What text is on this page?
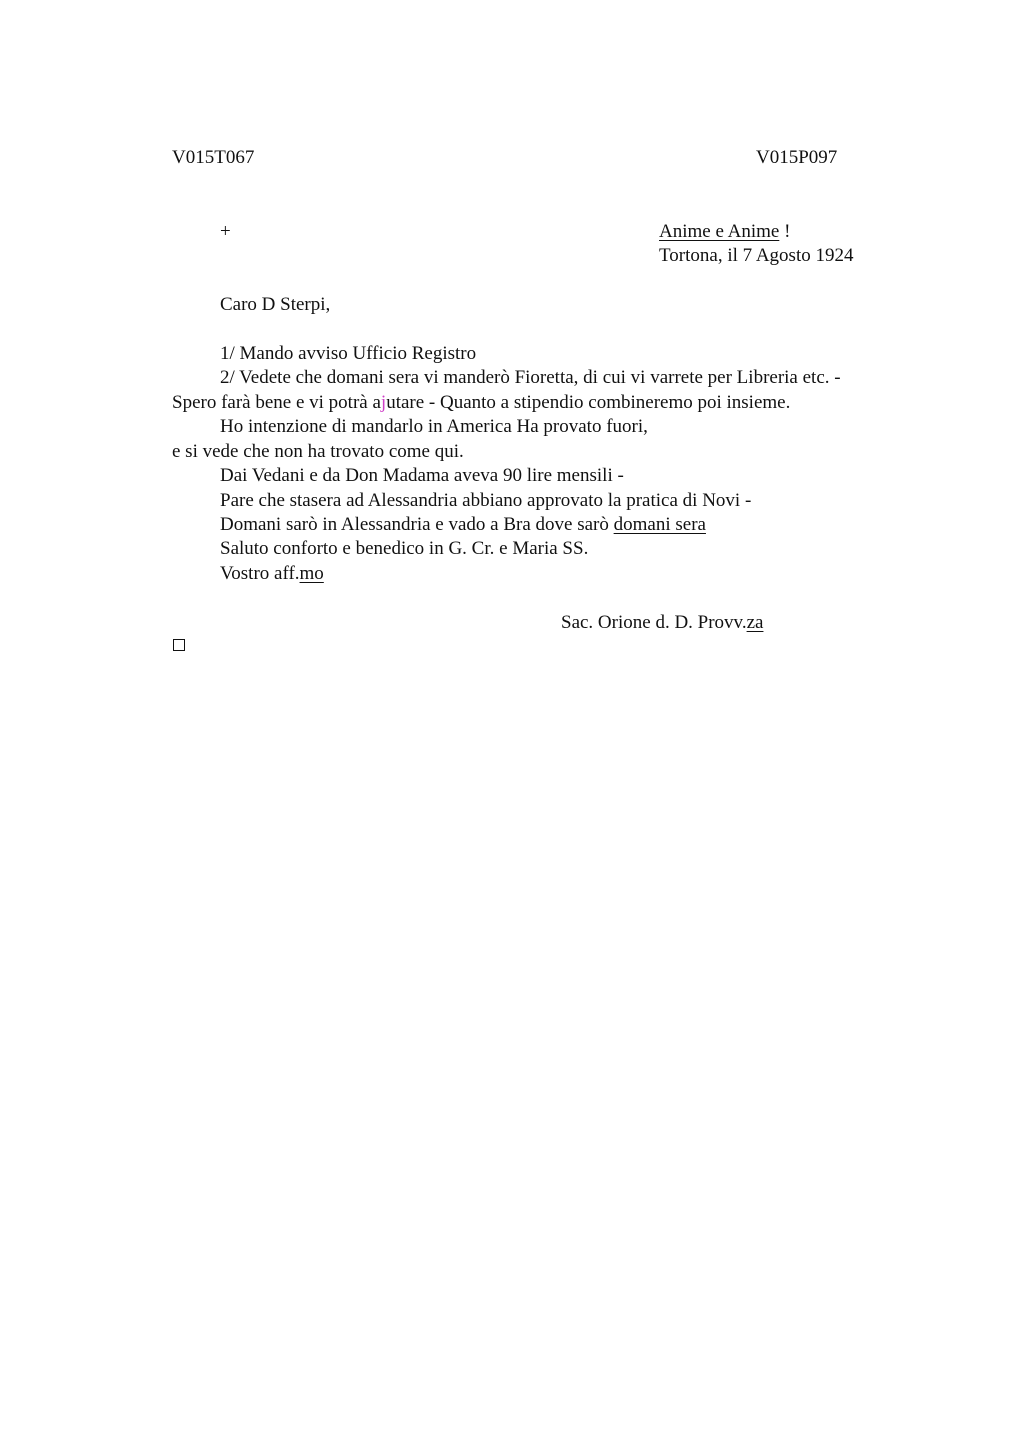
V015T067	V015P097
+	Anime e Anime !
Tortona, il 7 Agosto 1924
Caro D Sterpi,
1/ Mando avviso Ufficio Registro
2/ Vedete che domani sera vi manderò Fioretta, di cui vi varrete per Libreria etc. -
Spero farà bene e vi potrà ajutare - Quanto a stipendio combineremo poi insieme.
Ho intenzione di mandarlo in America Ha provato fuori,
e si vede che non ha trovato come qui.
Dai Vedani e da Don Madama aveva 90 lire mensili -
Pare che stasera ad Alessandria abbiano approvato la pratica di Novi -
Domani sarò in Alessandria e vado a Bra dove sarò domani sera
Saluto conforto e benedico in G. Cr. e Maria SS.
Vostro aff.mo
Sac. Orione d. D. Provv.za
